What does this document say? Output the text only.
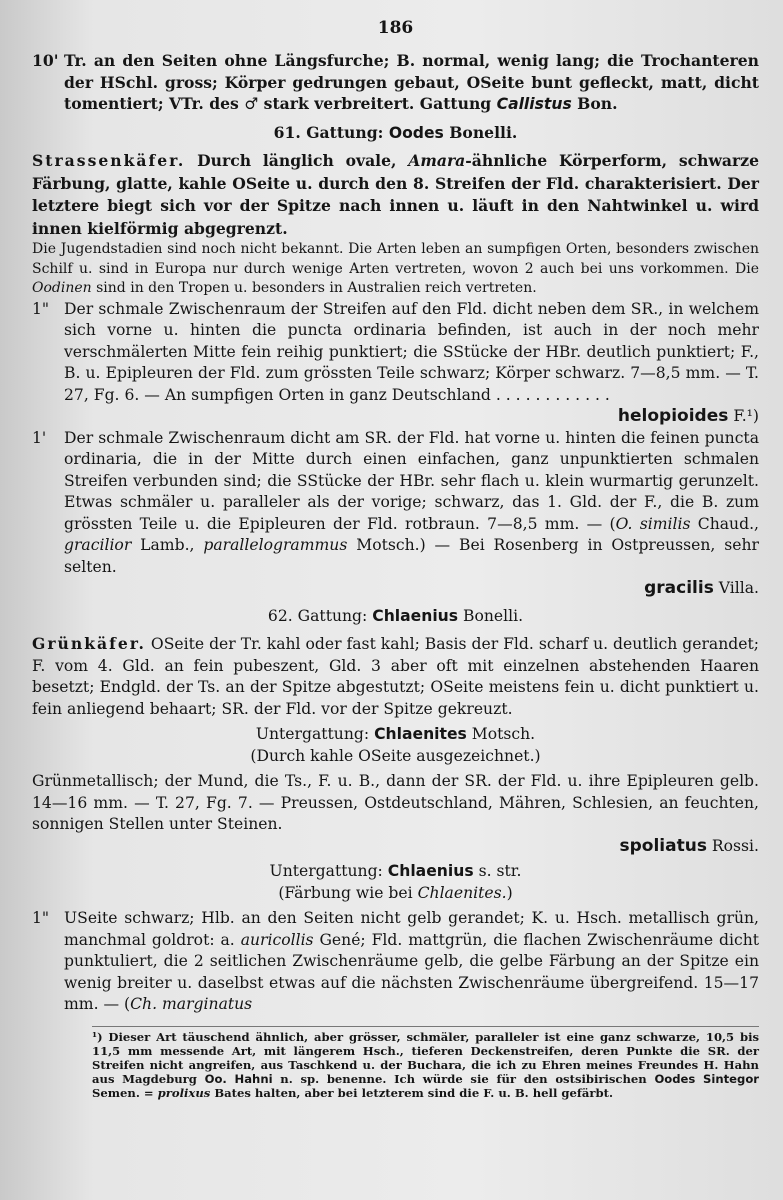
186
10' Tr. an den Seiten ohne Längsfurche; B. normal, wenig lang; die Trochanteren der HSchl. gross; Körper gedrungen gebaut, OSeite bunt gefleckt, matt, dicht tomentiert; VTr. des ♂ stark verbreitert. Gattung Callistus Bon.

61. Gattung: Oodes Bonelli.

Strassenkäfer. Durch länglich ovale, Amara-ähnliche Körperform, schwarze Färbung, glatte, kahle OSeite u. durch den 8. Streifen der Fld. charakterisiert. Der letztere biegt sich vor der Spitze nach innen u. läuft in den Nahtwinkel u. wird innen kielförmig abgegrenzt.

Die Jugendstadien sind noch nicht bekannt. Die Arten leben an sumpfigen Orten, besonders zwischen Schilf u. sind in Europa nur durch wenige Arten vertreten, wovon 2 auch bei uns vorkommen. Die Oodinen sind in den Tropen u. besonders in Australien reich vertreten.

1" Der schmale Zwischenraum der Streifen auf den Fld. dicht neben dem SR., in welchem sich vorne u. hinten die puncta ordinaria befinden, ist auch in der noch mehr verschmälerten Mitte fein reihig punktiert; die SStücke der HBr. deutlich punktiert; F., B. u. Epipleuren der Fld. zum grössten Teile schwarz; Körper schwarz. 7—8,5 mm. — T. 27, Fg. 6. — An sumpfigen Orten in ganz Deutschland . . . . . . . . . . . .

helopioides F.¹)
1'	Der schmale Zwischenraum dicht am SR. der Fld. hat vorne u. hinten die feinen puncta ordinaria, die in der Mitte durch einen einfachen, ganz unpunktierten schmalen Streifen verbunden sind; die SStücke der HBr. sehr flach u. klein wurmartig gerunzelt. Etwas schmäler u. paralleler als der vorige; schwarz, das 1. Gld. der F., die B. zum grössten Teile u. die Epipleuren der Fld. rotbraun. 7—8,5 mm. — (O. similis Chaud., gracilior Lamb., parallelogrammus Motsch.) — Bei Rosenberg in Ostpreussen, sehr selten.

gracilis Villa.

62. Gattung: Chlaenius Bonelli.

Grünkäfer. OSeite der Tr. kahl oder fast kahl; Basis der Fld. scharf u. deutlich gerandet; F. vom 4. Gld. an fein pubeszent, Gld. 3 aber oft mit einzelnen abstehenden Haaren besetzt; Endgld. der Ts. an der Spitze abgestutzt; OSeite meistens fein u. dicht punktiert u. fein anliegend behaart; SR. der Fld. vor der Spitze gekreuzt.

Untergattung: Chlaenites Motsch.

(Durch kahle OSeite ausgezeichnet.)

Grünmetallisch; der Mund, die Ts., F. u. B., dann der SR. der Fld. u. ihre Epipleuren gelb. 14—16 mm. — T. 27, Fg. 7. — Preussen, Ostdeutschland, Mähren, Schlesien, an feuchten, sonnigen Stellen unter Steinen.

spoliatus Rossi.

Untergattung: Chlaenius s. str.

(Färbung wie bei Chlaenites.)

1" USeite schwarz; Hlb. an den Seiten nicht gelb gerandet; K. u. Hsch. metallisch grün, manchmal goldrot: a. auricollis Gené; Fld. mattgrün, die flachen Zwischenräume dicht punktuliert, die 2 seitlichen Zwischenräume gelb, die gelbe Färbung an der Spitze ein wenig breiter u. daselbst etwas auf die nächsten Zwischenräume übergreifend. 15—17 mm. — (Ch. marginatus

¹) Dieser Art täuschend ähnlich, aber grösser, schmäler, paralleler ist eine ganz schwarze, 10,5 bis 11,5 mm messende Art, mit längerem Hsch., tieferen Deckenstreifen, deren Punkte die SR. der Streifen nicht angreifen, aus Taschkend u. der Buchara, die ich zu Ehren meines Freundes H. Hahn aus Magdeburg Oo. Hahni n. sp. benenne. Ich würde sie für den ostsibirischen Oodes Sintegor Semen. = prolixus Bates halten, aber bei letzterem sind die F. u. B. hell gefärbt.
